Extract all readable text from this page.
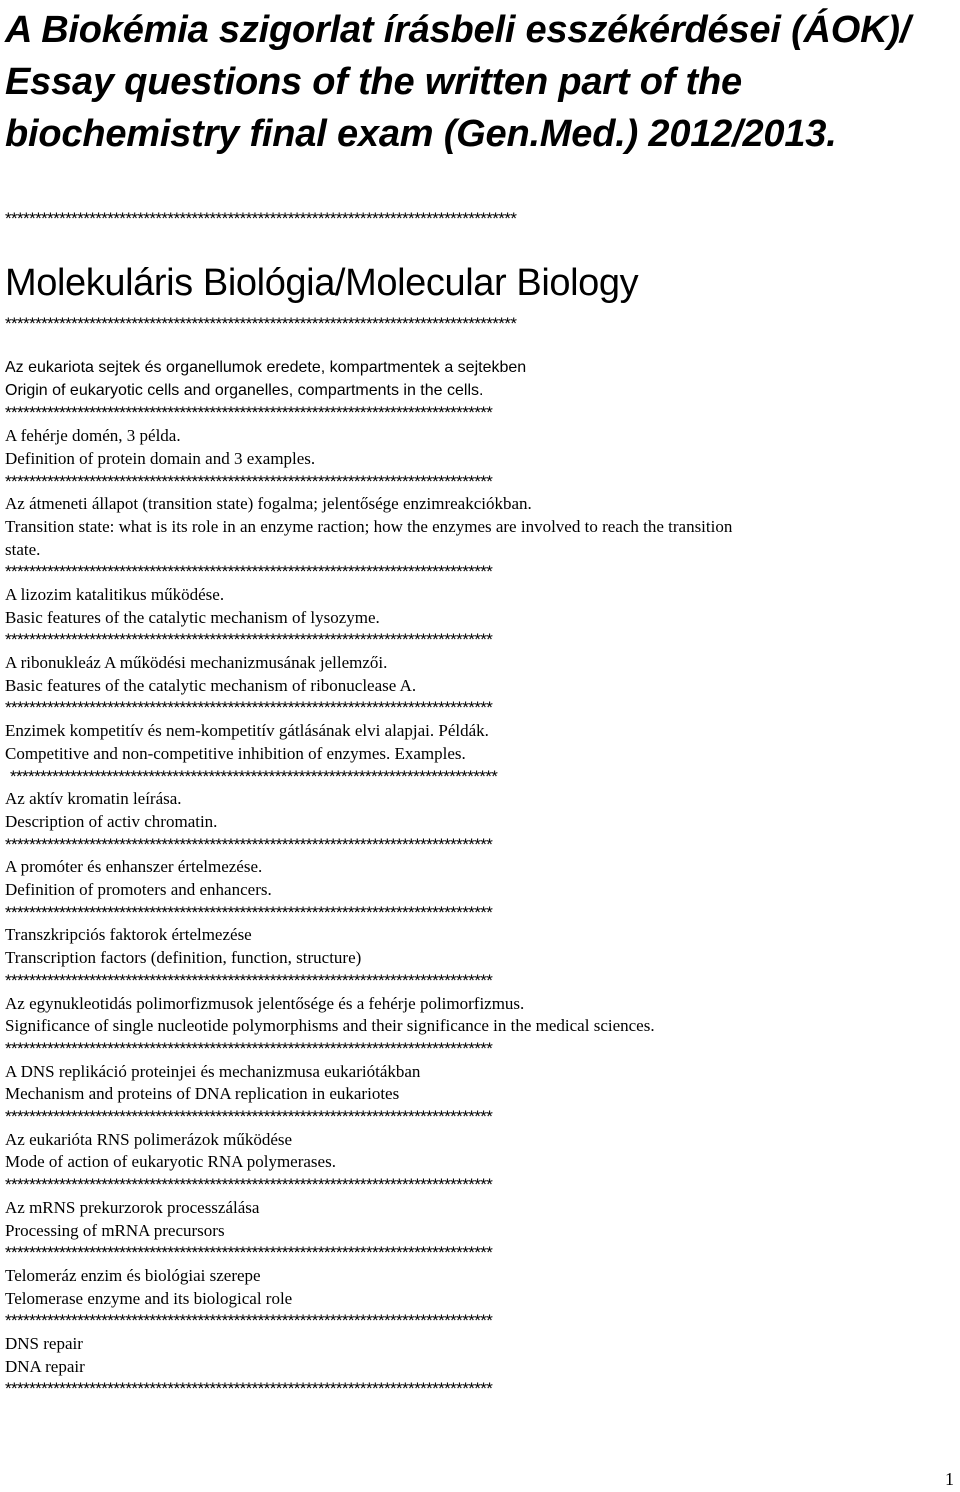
A Biokémia szigorlat írásbeli esszékérdései (ÁOK)/
Essay questions of the written part of the
biochemistry final exam (Gen.Med.) 2012/2013.
*************************************************************************************
Molekuláris Biológia/Molecular Biology
*************************************************************************************

Az eukariota sejtek és organellumok eredete, kompartmentek a sejtekben

Origin of eukaryotic cells and organelles, compartments in the cells.

*********************************************************************************

A fehérje domén, 3 példa.

Definition of protein domain and 3 examples.

*********************************************************************************

Az átmeneti állapot (transition state) fogalma; jelentősége enzimreakciókban.

Transition state: what is its role in an enzyme raction; how the enzymes are involved to reach the transition state.

*********************************************************************************

A lizozim katalitikus működése.

Basic features of the catalytic mechanism of lysozyme.

*********************************************************************************

A ribonukleáz A működési mechanizmusának jellemzői.

Basic features of the catalytic mechanism of ribonuclease A.

*********************************************************************************

Enzimek kompetitív és nem-kompetitív gátlásának elvi alapjai. Példák.

Competitive and non-competitive inhibition of enzymes. Examples.

*********************************************************************************

Az aktív kromatin leírása.

Description of activ chromatin.

*********************************************************************************

A promóter és enhanszer értelmezése.

Definition of promoters and enhancers.

*********************************************************************************

Transzkripciós faktorok értelmezése

Transcription factors (definition, function, structure)

*********************************************************************************

Az egynukleotidás polimorfizmusok jelentősége és a fehérje polimorfizmus.

Significance of single nucleotide polymorphisms and their significance in the medical sciences.

*********************************************************************************

A DNS replikáció proteinjei és mechanizmusa eukariótákban

Mechanism and proteins of DNA replication in eukariotes

*********************************************************************************

Az eukarióta RNS polimerázok működése

Mode of action of eukaryotic RNA polymerases.

*********************************************************************************

Az mRNS prekurzorok processzálása

Processing of mRNA precursors

*********************************************************************************

Telomeráz enzim és biológiai szerepe

Telomerase enzyme and its biological role

*********************************************************************************

DNS repair

DNA repair

*********************************************************************************
1
